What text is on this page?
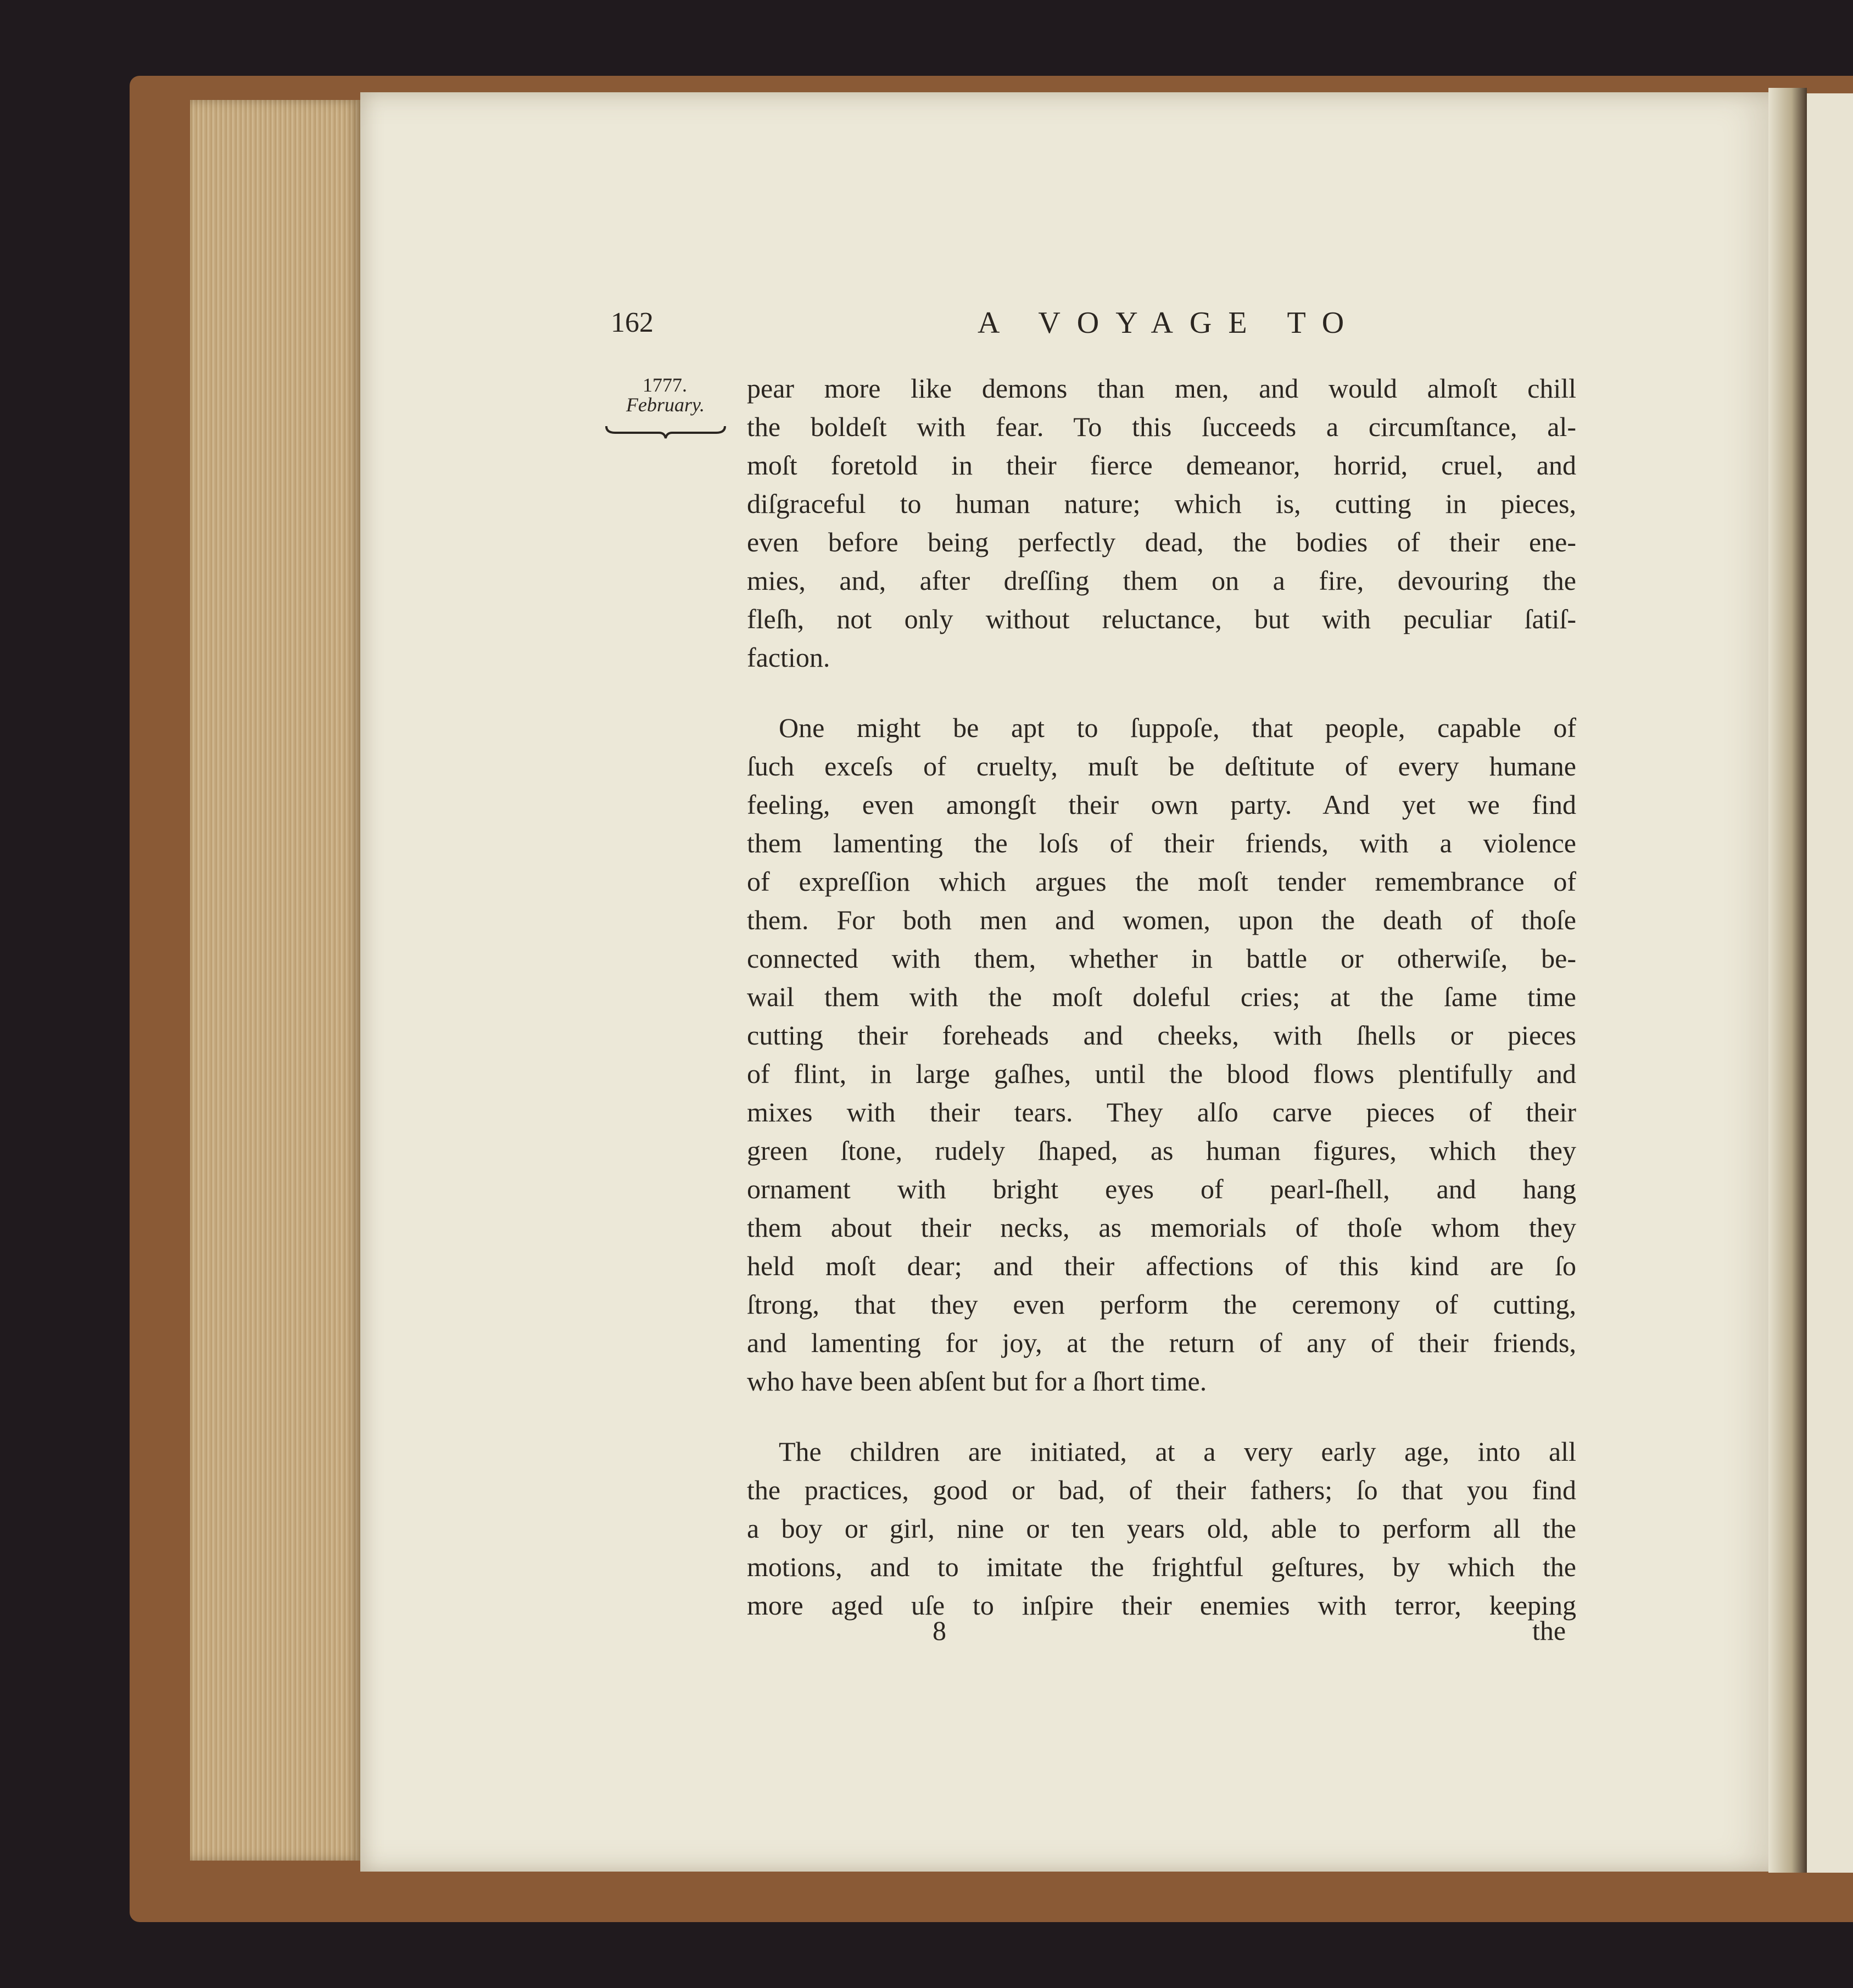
162	A VOYAGE TO
1777.
February.
pear more like demons than men, and would almoſt chill
the boldeſt with fear. To this ſucceeds a circumſtance, al-
moſt foretold in their fierce demeanor, horrid, cruel, and
diſgraceful to human nature; which is, cutting in pieces,
even before being perfectly dead, the bodies of their ene-
mies, and, after dreſſing them on a fire, devouring the
fleſh, not only without reluctance, but with peculiar ſatiſ-
faction.
One might be apt to ſuppoſe, that people, capable of
ſuch exceſs of cruelty, muſt be deſtitute of every humane
feeling, even amongſt their own party. And yet we find
them lamenting the loſs of their friends, with a violence
of expreſſion which argues the moſt tender remembrance of
them. For both men and women, upon the death of thoſe
connected with them, whether in battle or otherwiſe, be-
wail them with the moſt doleful cries; at the ſame time
cutting their foreheads and cheeks, with ſhells or pieces
of flint, in large gaſhes, until the blood flows plentifully and
mixes with their tears. They alſo carve pieces of their
green ſtone, rudely ſhaped, as human figures, which they
ornament with bright eyes of pearl-ſhell, and hang
them about their necks, as memorials of thoſe whom they
held moſt dear; and their affections of this kind are ſo
ſtrong, that they even perform the ceremony of cutting,
and lamenting for joy, at the return of any of their friends,
who have been abſent but for a ſhort time.
The children are initiated, at a very early age, into all
the practices, good or bad, of their fathers; ſo that you find
a boy or girl, nine or ten years old, able to perform all the
motions, and to imitate the frightful geſtures, by which the
more aged uſe to inſpire their enemies with terror, keeping
8	the
